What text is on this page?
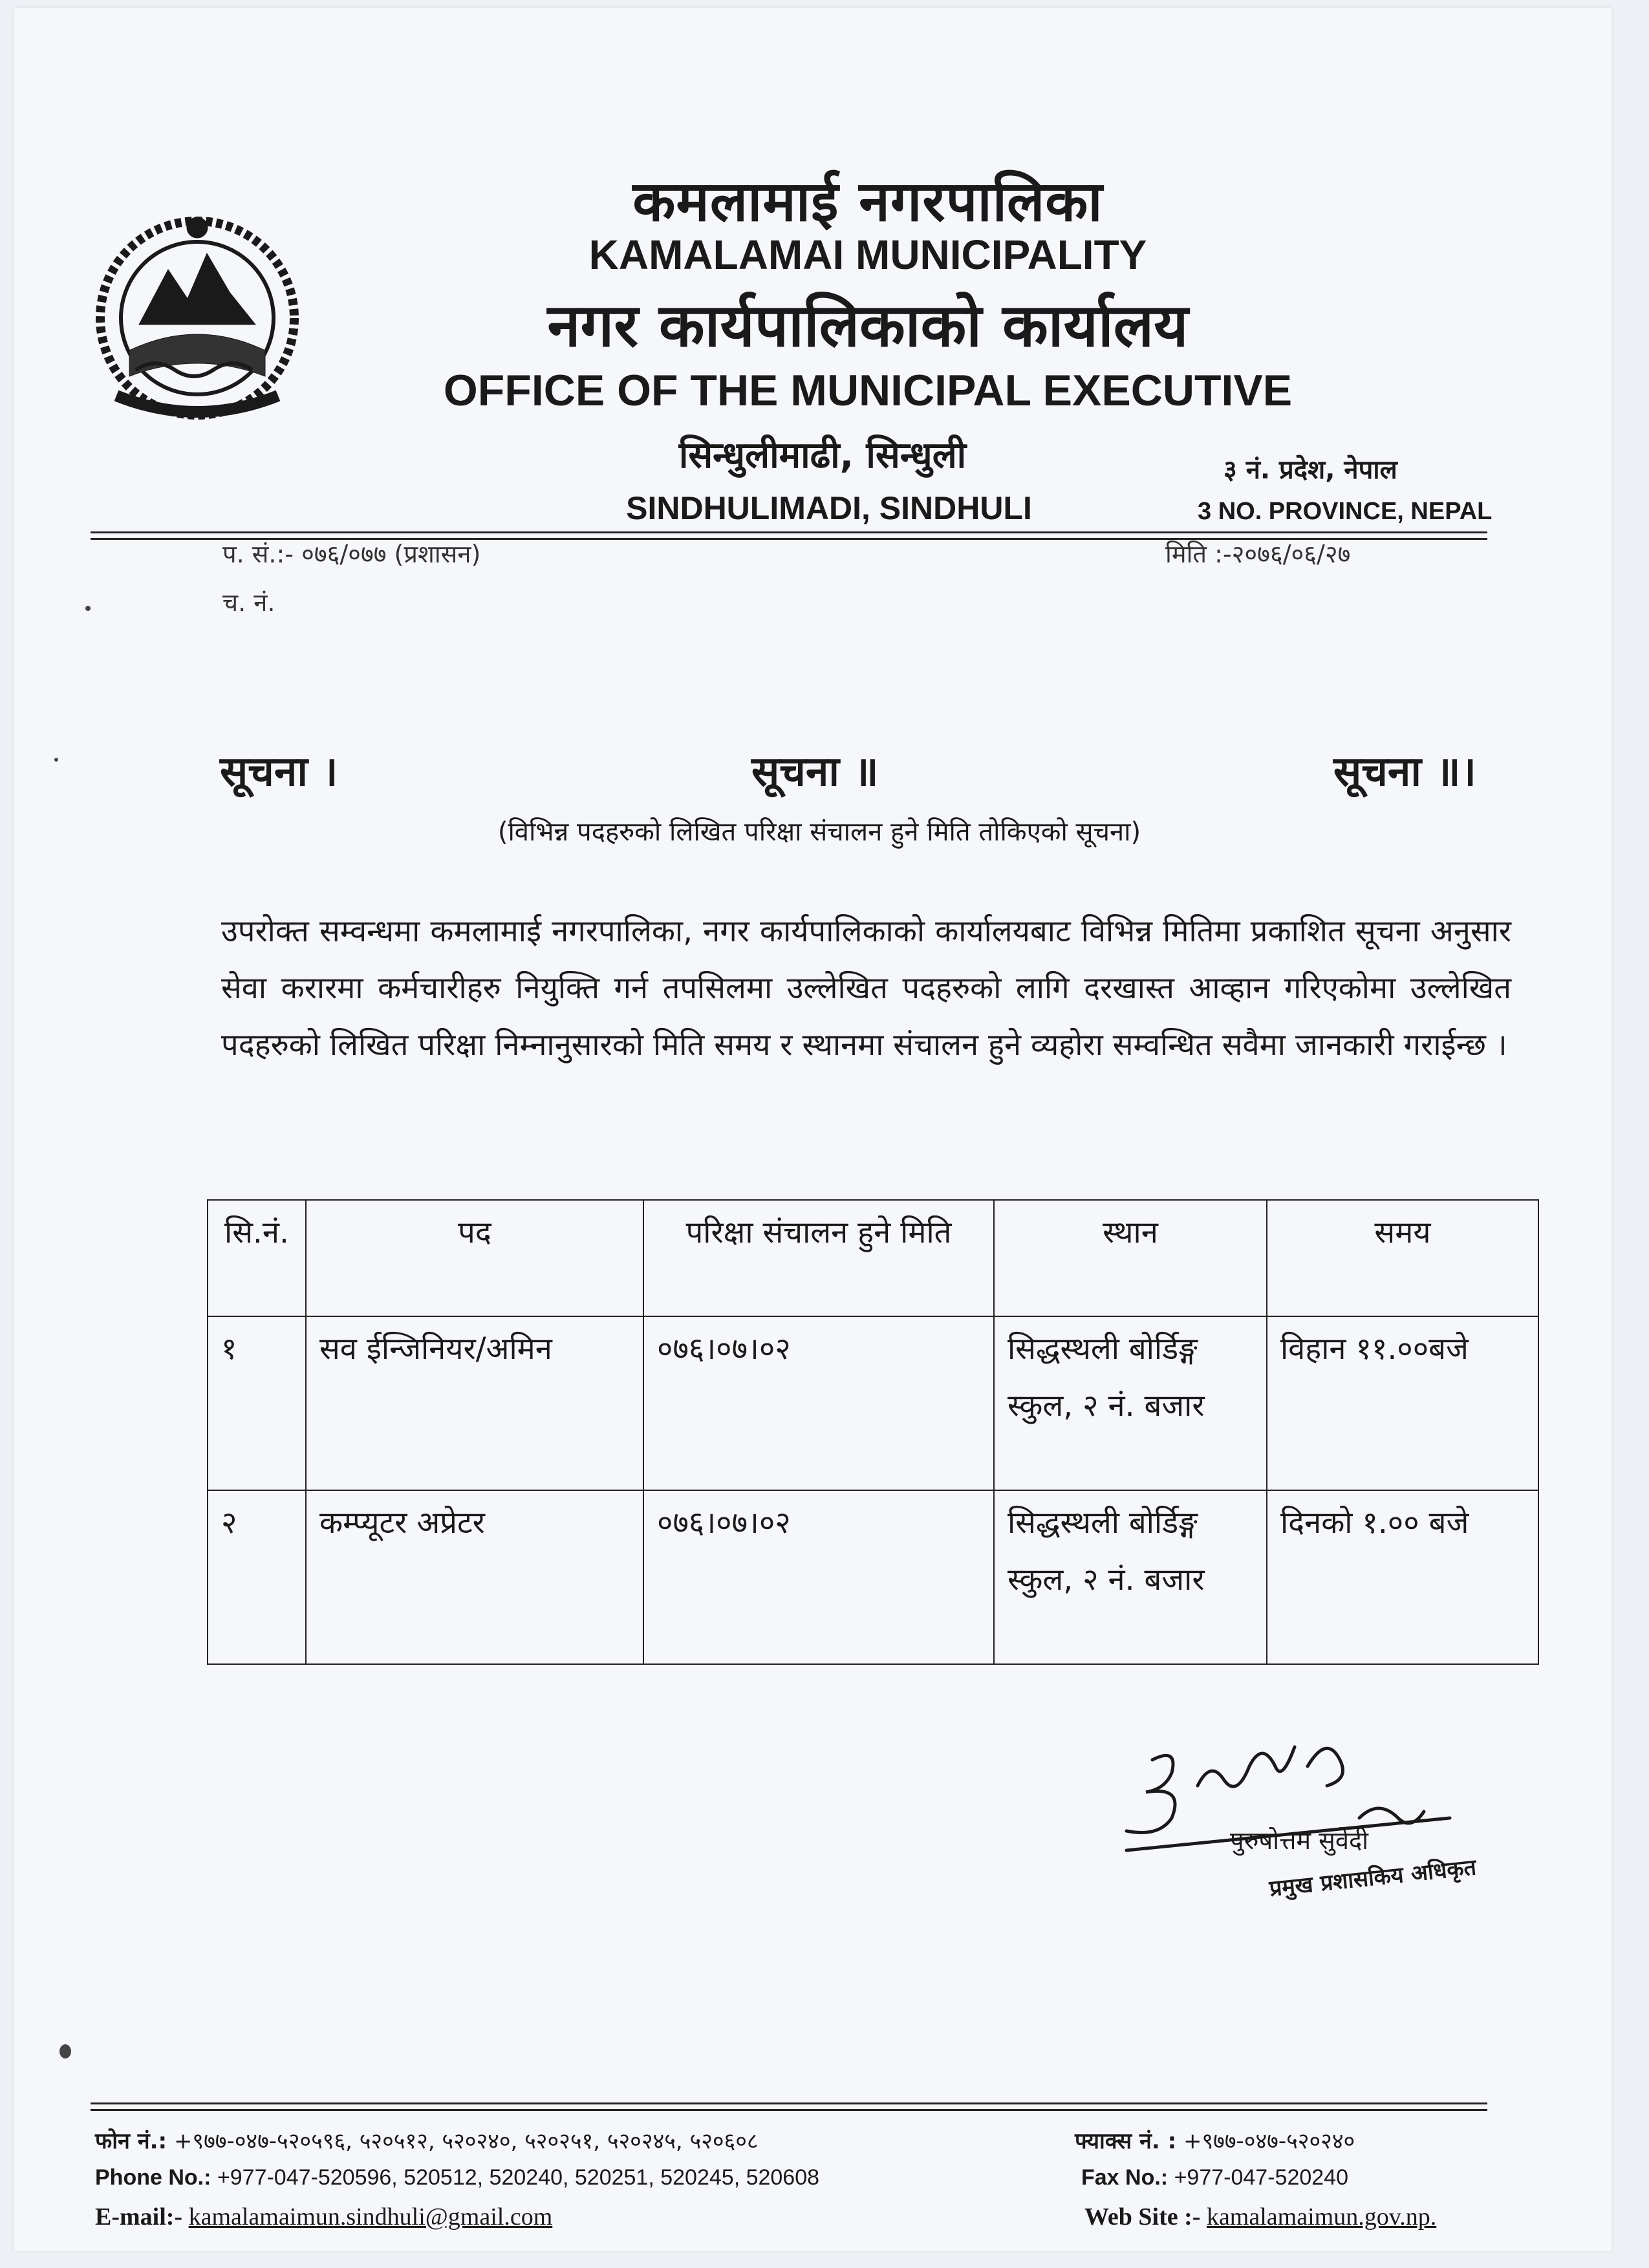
कमलामाई नगरपालिका
KAMALAMAI MUNICIPALITY
नगर कार्यपालिकाको कार्यालय
OFFICE OF THE MUNICIPAL EXECUTIVE
सिन्धुलीमाढी, सिन्धुली
SINDHULIMADI, SINDHULI
३ नं. प्रदेश, नेपाल
3 NO. PROVINCE, NEPAL
प. सं.:- ०७६/०७७ (प्रशासन)	मिति :-२०७६/०६/२७
च. नं.
सूचना ।	सूचना ॥	सूचना ॥।
(विभिन्न पदहरुको लिखित परिक्षा संचालन हुने मिति तोकिएको सूचना)
उपरोक्त सम्वन्धमा कमलामाई नगरपालिका, नगर कार्यपालिकाको कार्यालयबाट विभिन्न मितिमा प्रकाशित सूचना अनुसार सेवा करारमा कर्मचारीहरु नियुक्ति गर्न तपसिलमा उल्लेखित पदहरुको लागि दरखास्त आव्हान गरिएकोमा उल्लेखित पदहरुको लिखित परिक्षा निम्नानुसारको मिति समय र स्थानमा संचालन हुने व्यहोरा सम्वन्धित सवैमा जानकारी गराईन्छ ।
सि.नं.	पद	परिक्षा संचालन हुने मिति	स्थान	समय
१	सव ईन्जिनियर/अमिन	०७६।०७।०२	सिद्धस्थली बोर्डिङ्ग स्कुल, २ नं. बजार	विहान ११.००बजे
२	कम्प्यूटर अप्रेटर	०७६।०७।०२	सिद्धस्थली बोर्डिङ्ग स्कुल, २ नं. बजार	दिनको १.०० बजे
पुरुषोत्तम सुवेदी
प्रमुख प्रशासकिय अधिकृत
फोन नं.: +९७७-०४७-५२०५९६, ५२०५१२, ५२०२४०, ५२०२५१, ५२०२४५, ५२०६०८	फ्याक्स नं. : +९७७-०४७-५२०२४०
Phone No.: +977-047-520596, 520512, 520240, 520251, 520245, 520608	Fax No.: +977-047-520240
E-mail:- kamalamaimun.sindhuli@gmail.com	Web Site :- kamalamaimun.gov.np.
